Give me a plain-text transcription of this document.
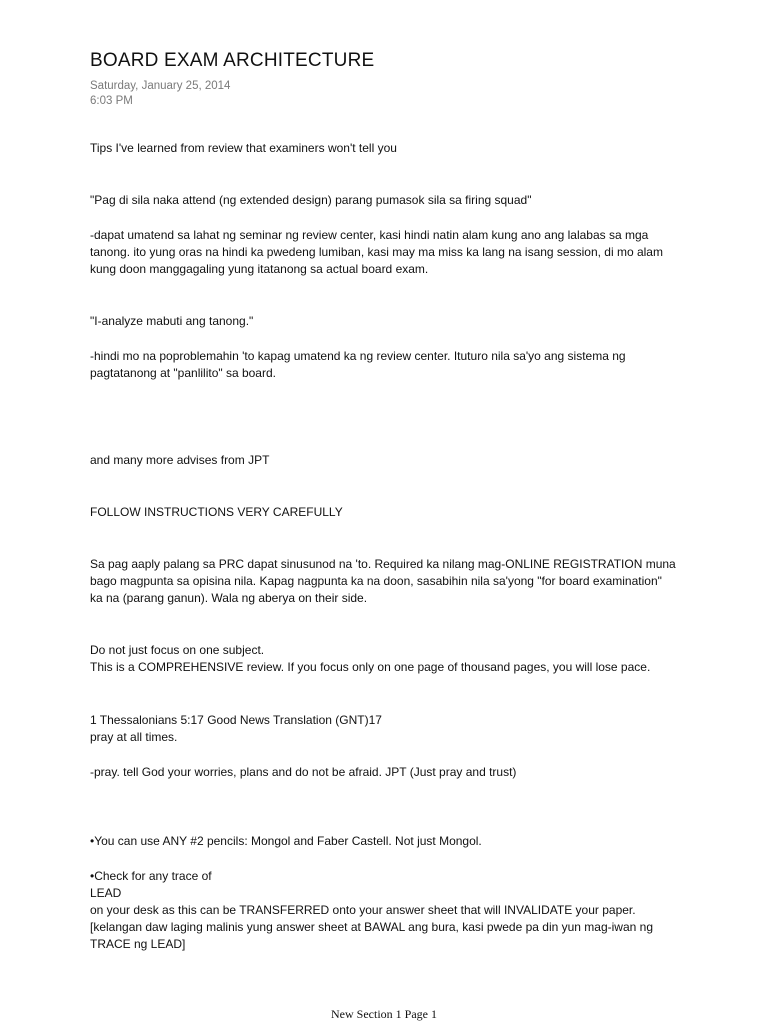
BOARD EXAM ARCHITECTURE
Saturday, January 25, 2014
6:03 PM
Tips I've learned from review that examiners won't tell you
"Pag di sila naka attend (ng extended design) parang pumasok sila sa firing squad"
-dapat umatend sa lahat ng seminar ng review center, kasi hindi natin alam kung ano ang lalabas sa mga
tanong. ito yung oras na hindi ka pwedeng lumiban, kasi may ma miss ka lang na isang session, di mo alam
kung doon manggagaling yung itatanong sa actual board exam.
"I-analyze mabuti ang tanong."
-hindi mo na poproblemahin 'to kapag umatend ka ng review center. Ituturo nila sa'yo ang sistema ng
pagtatanong at "panlilito" sa board.
and many more advises from JPT
FOLLOW INSTRUCTIONS VERY CAREFULLY
Sa pag aaply palang sa PRC dapat sinusunod na 'to. Required ka nilang mag-ONLINE REGISTRATION muna
bago magpunta sa opisina nila. Kapag nagpunta ka na doon, sasabihin nila sa'yong "for board examination"
ka na (parang ganun). Wala ng aberya on their side.
Do not just focus on one subject.
This is a COMPREHENSIVE review. If you focus only on one page of thousand pages, you will lose pace.
1 Thessalonians 5:17 Good News Translation (GNT)17
pray at all times.
-pray. tell God your worries, plans and do not be afraid. JPT (Just pray and trust)
•You can use ANY #2 pencils: Mongol and Faber Castell. Not just Mongol.
•Check for any trace of
LEAD
on your desk as this can be TRANSFERRED onto your answer sheet that will INVALIDATE your paper.
[kelangan daw laging malinis yung answer sheet at BAWAL ang bura, kasi pwede pa din yun mag-iwan ng
TRACE ng LEAD]
New Section 1 Page 1
